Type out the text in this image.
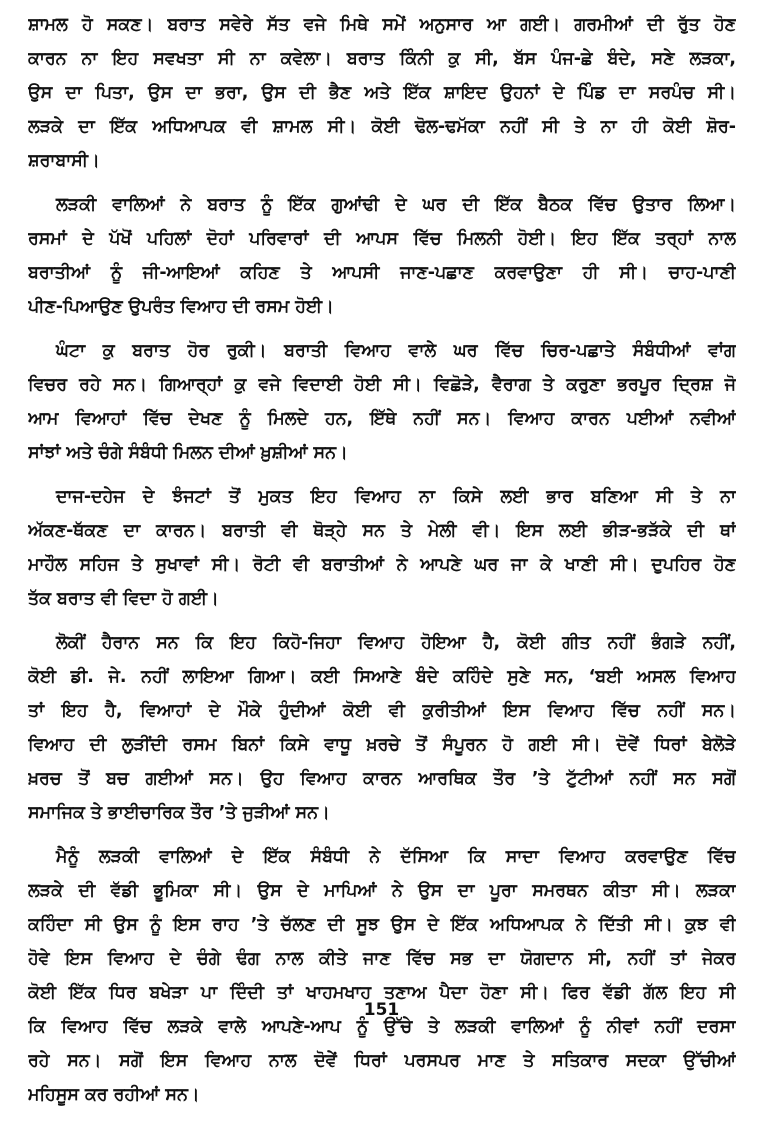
ਸ਼ਾਮਲ ਹੋ ਸਕਣ। ਬਰਾਤ ਸਵੇਰੇ ਸੱਤ ਵਜੇ ਮਿਥੇ ਸਮੇਂ ਅਨੁਸਾਰ ਆ ਗਈ। ਗਰਮੀਆਂ ਦੀ ਰੁੱਤ ਹੋਣ
ਕਾਰਨ ਨਾ ਇਹ ਸਵਖਤਾ ਸੀ ਨਾ ਕਵੇਲਾ। ਬਰਾਤ ਕਿੰਨੀ ਕੁ ਸੀ, ਬੱਸ ਪੰਜ-ਛੇ ਬੰਦੇ, ਸਣੇ ਲੜਕਾ,
ਉਸ ਦਾ ਪਿਤਾ, ਉਸ ਦਾ ਭਰਾ, ਉਸ ਦੀ ਭੈਣ ਅਤੇ ਇੱਕ ਸ਼ਾਇਦ ਉਹਨਾਂ ਦੇ ਪਿੰਡ ਦਾ ਸਰਪੰਚ ਸੀ।
ਲੜਕੇ ਦਾ ਇੱਕ ਅਧਿਆਪਕ ਵੀ ਸ਼ਾਮਲ ਸੀ। ਕੋਈ ਢੋਲ-ਢਮੱਕਾ ਨਹੀਂ ਸੀ ਤੇ ਨਾ ਹੀ ਕੋਈ ਸ਼ੋਰ-
ਸ਼ਰਾਬਾਸੀ।
ਲੜਕੀ ਵਾਲਿਆਂ ਨੇ ਬਰਾਤ ਨੂੰ ਇੱਕ ਗੁਆਂਢੀ ਦੇ ਘਰ ਦੀ ਇੱਕ ਬੈਠਕ ਵਿੱਚ ਉਤਾਰ ਲਿਆ।
ਰਸਮਾਂ ਦੇ ਪੱਖੋਂ ਪਹਿਲਾਂ ਦੋਹਾਂ ਪਰਿਵਾਰਾਂ ਦੀ ਆਪਸ ਵਿੱਚ ਮਿਲਨੀ ਹੋਈ। ਇਹ ਇੱਕ ਤਰ੍ਹਾਂ ਨਾਲ
ਬਰਾਤੀਆਂ ਨੂੰ ਜੀ-ਆਇਆਂ ਕਹਿਣ ਤੇ ਆਪਸੀ ਜਾਣ-ਪਛਾਣ ਕਰਵਾਉਣਾ ਹੀ ਸੀ। ਚਾਹ-ਪਾਣੀ
ਪੀਣ-ਪਿਆਉਣ ਉਪਰੰਤ ਵਿਆਹ ਦੀ ਰਸਮ ਹੋਈ।
ਘੰਟਾ ਕੁ ਬਰਾਤ ਹੋਰ ਰੁਕੀ। ਬਰਾਤੀ ਵਿਆਹ ਵਾਲੇ ਘਰ ਵਿੱਚ ਚਿਰ-ਪਛਾਤੇ ਸੰਬੰਧੀਆਂ ਵਾਂਗ
ਵਿਚਰ ਰਹੇ ਸਨ। ਗਿਆਰ੍ਹਾਂ ਕੁ ਵਜੇ ਵਿਦਾਈ ਹੋਈ ਸੀ। ਵਿਛੋੜੇ, ਵੈਰਾਗ ਤੇ ਕਰੁਣਾ ਭਰਪੂਰ ਦ੍ਰਿਸ਼ ਜੋ
ਆਮ ਵਿਆਹਾਂ ਵਿੱਚ ਦੇਖਣ ਨੂੰ ਮਿਲਦੇ ਹਨ, ਇੱਥੇ ਨਹੀਂ ਸਨ। ਵਿਆਹ ਕਾਰਨ ਪਈਆਂ ਨਵੀਆਂ
ਸਾਂਝਾਂ ਅਤੇ ਚੰਗੇ ਸੰਬੰਧੀ ਮਿਲਨ ਦੀਆਂ ਖ਼ੁਸ਼ੀਆਂ ਸਨ।
ਦਾਜ-ਦਹੇਜ ਦੇ ਝੰਜਟਾਂ ਤੋਂ ਮੁਕਤ ਇਹ ਵਿਆਹ ਨਾ ਕਿਸੇ ਲਈ ਭਾਰ ਬਣਿਆ ਸੀ ਤੇ ਨਾ
ਅੱਕਣ-ਥੱਕਣ ਦਾ ਕਾਰਨ। ਬਰਾਤੀ ਵੀ ਥੋੜ੍ਹੇ ਸਨ ਤੇ ਮੇਲੀ ਵੀ। ਇਸ ਲਈ ਭੀੜ-ਭੜੱਕੇ ਦੀ ਥਾਂ
ਮਾਹੌਲ ਸਹਿਜ ਤੇ ਸੁਖਾਵਾਂ ਸੀ। ਰੋਟੀ ਵੀ ਬਰਾਤੀਆਂ ਨੇ ਆਪਣੇ ਘਰ ਜਾ ਕੇ ਖਾਣੀ ਸੀ। ਦੁਪਹਿਰ ਹੋਣ
ਤੱਕ ਬਰਾਤ ਵੀ ਵਿਦਾ ਹੋ ਗਈ।
ਲੋਕੀਂ ਹੈਰਾਨ ਸਨ ਕਿ ਇਹ ਕਿਹੋ-ਜਿਹਾ ਵਿਆਹ ਹੋਇਆ ਹੈ, ਕੋਈ ਗੀਤ ਨਹੀਂ ਭੰਗੜੇ ਨਹੀਂ,
ਕੋਈ ਡੀ. ਜੇ. ਨਹੀਂ ਲਾਇਆ ਗਿਆ। ਕਈ ਸਿਆਣੇ ਬੰਦੇ ਕਹਿੰਦੇ ਸੁਣੇ ਸਨ, ‘ਬਈ ਅਸਲ ਵਿਆਹ
ਤਾਂ ਇਹ ਹੈ, ਵਿਆਹਾਂ ਦੇ ਮੌਕੇ ਹੁੰਦੀਆਂ ਕੋਈ ਵੀ ਕੁਰੀਤੀਆਂ ਇਸ ਵਿਆਹ ਵਿੱਚ ਨਹੀਂ ਸਨ।
ਵਿਆਹ ਦੀ ਲੁੜੀਂਦੀ ਰਸਮ ਬਿਨਾਂ ਕਿਸੇ ਵਾਧੂ ਖ਼ਰਚੇ ਤੋਂ ਸੰਪੂਰਨ ਹੋ ਗਈ ਸੀ। ਦੋਵੇਂ ਧਿਰਾਂ ਬੇਲੋੜੇ
ਖ਼ਰਚ ਤੋਂ ਬਚ ਗਈਆਂ ਸਨ। ਉਹ ਵਿਆਹ ਕਾਰਨ ਆਰਥਿਕ ਤੌਰ ’ਤੇ ਟੁੱਟੀਆਂ ਨਹੀਂ ਸਨ ਸਗੋਂ
ਸਮਾਜਿਕ ਤੇ ਭਾਈਚਾਰਿਕ ਤੌਰ ’ਤੇ ਜੁੜੀਆਂ ਸਨ।
ਮੈਨੂੰ ਲੜਕੀ ਵਾਲਿਆਂ ਦੇ ਇੱਕ ਸੰਬੰਧੀ ਨੇ ਦੱਸਿਆ ਕਿ ਸਾਦਾ ਵਿਆਹ ਕਰਵਾਉਣ ਵਿੱਚ
ਲੜਕੇ ਦੀ ਵੱਡੀ ਭੂਮਿਕਾ ਸੀ। ਉਸ ਦੇ ਮਾਪਿਆਂ ਨੇ ਉਸ ਦਾ ਪੂਰਾ ਸਮਰਥਨ ਕੀਤਾ ਸੀ। ਲੜਕਾ
ਕਹਿੰਦਾ ਸੀ ਉਸ ਨੂੰ ਇਸ ਰਾਹ ’ਤੇ ਚੱਲਣ ਦੀ ਸੂਝ ਉਸ ਦੇ ਇੱਕ ਅਧਿਆਪਕ ਨੇ ਦਿੱਤੀ ਸੀ। ਕੁਝ ਵੀ
ਹੋਵੇ ਇਸ ਵਿਆਹ ਦੇ ਚੰਗੇ ਢੰਗ ਨਾਲ ਕੀਤੇ ਜਾਣ ਵਿੱਚ ਸਭ ਦਾ ਯੋਗਦਾਨ ਸੀ, ਨਹੀਂ ਤਾਂ ਜੇਕਰ
ਕੋਈ ਇੱਕ ਧਿਰ ਬਖੇੜਾ ਪਾ ਦਿੰਦੀ ਤਾਂ ਖਾਹਮਖਾਹ ਤਣਾਅ ਪੈਦਾ ਹੋਣਾ ਸੀ। ਫਿਰ ਵੱਡੀ ਗੱਲ ਇਹ ਸੀ
ਕਿ ਵਿਆਹ ਵਿੱਚ ਲੜਕੇ ਵਾਲੇ ਆਪਣੇ-ਆਪ ਨੂੰ ਉੱਚੇ ਤੇ ਲੜਕੀ ਵਾਲਿਆਂ ਨੂੰ ਨੀਵਾਂ ਨਹੀਂ ਦਰਸਾ
ਰਹੇ ਸਨ। ਸਗੋਂ ਇਸ ਵਿਆਹ ਨਾਲ ਦੋਵੇਂ ਧਿਰਾਂ ਪਰਸਪਰ ਮਾਣ ਤੇ ਸਤਿਕਾਰ ਸਦਕਾ ਉੱਚੀਆਂ
ਮਹਿਸੂਸ ਕਰ ਰਹੀਆਂ ਸਨ।
151
